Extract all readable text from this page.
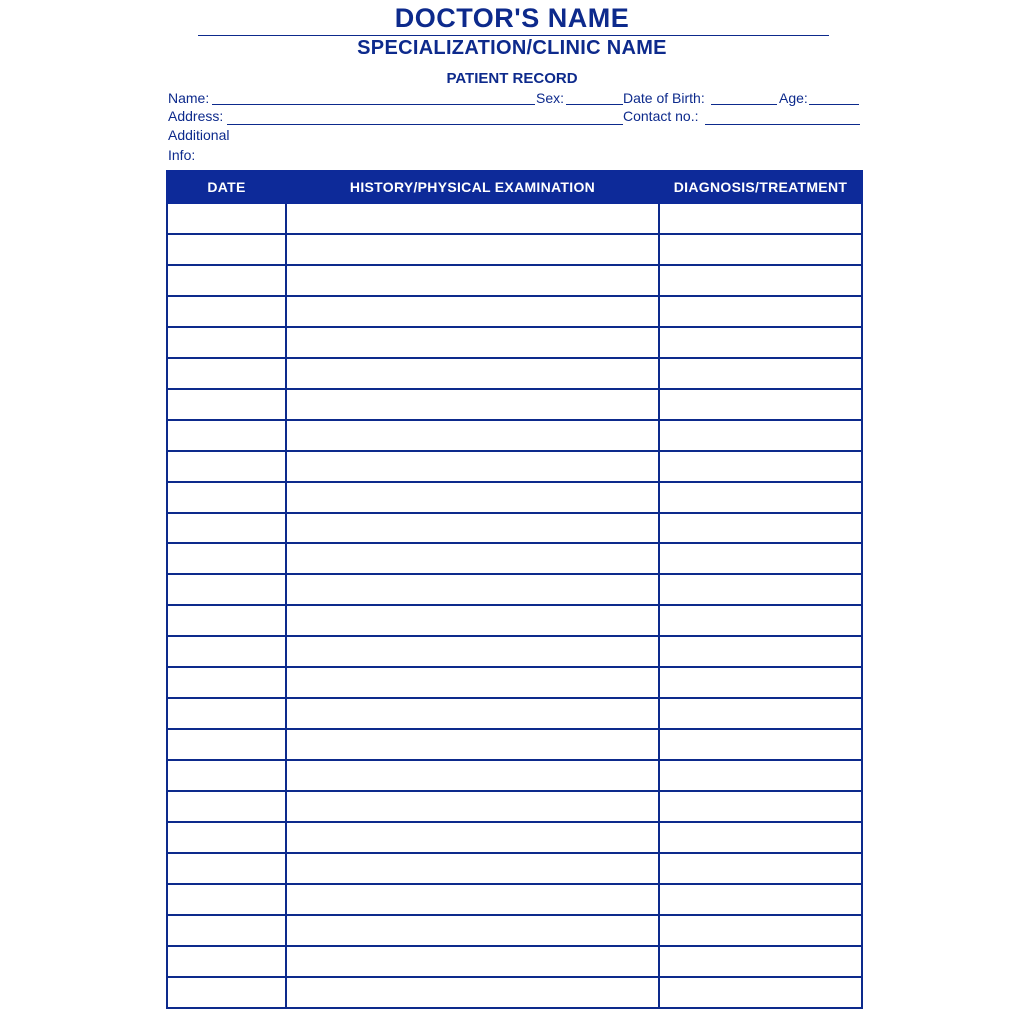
DOCTOR'S NAME
SPECIALIZATION/CLINIC NAME
PATIENT RECORD
Name:	Sex:	Date of Birth:	Age:
Address:	Contact no.:
Additional
Info:
DATE	HISTORY/PHYSICAL EXAMINATION	DIAGNOSIS/TREATMENT
